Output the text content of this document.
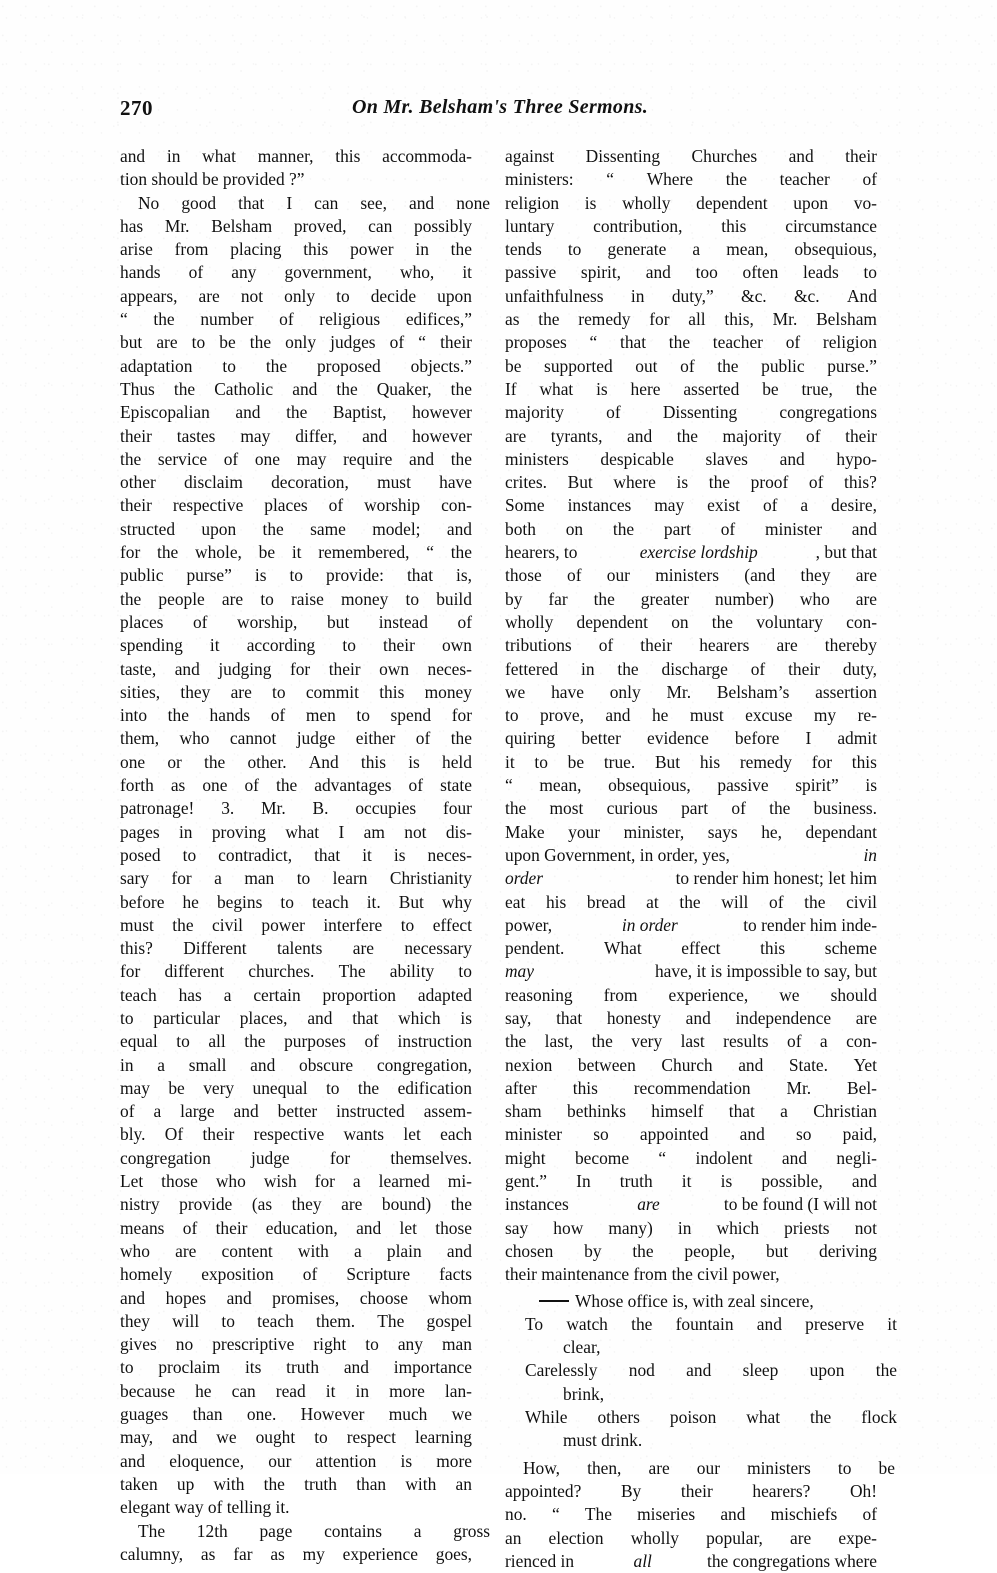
270	On Mr. Belsham's Three Sermons.
and in what manner, this accommoda-
tion should be provided ?”
No good that I can see, and none
has Mr. Belsham proved, can possibly
arise from placing this power in the
hands of any government, who, it
appears, are not only to decide upon
“ the number of religious edifices,”
but are to be the only judges of “ their
adaptation to the proposed objects.”
Thus the Catholic and the Quaker, the
Episcopalian and the Baptist, however
their tastes may differ, and however
the service of one may require and the
other disclaim decoration, must have
their respective places of worship con-
structed upon the same model; and
for the whole, be it remembered, “ the
public purse” is to provide: that is,
the people are to raise money to build
places of worship, but instead of
spending it according to their own
taste, and judging for their own neces-
sities, they are to commit this money
into the hands of men to spend for
them, who cannot judge either of the
one or the other. And this is held
forth as one of the advantages of state
patronage! 3. Mr. B. occupies four
pages in proving what I am not dis-
posed to contradict, that it is neces-
sary for a man to learn Christianity
before he begins to teach it. But why
must the civil power interfere to effect
this? Different talents are necessary
for different churches. The ability to
teach has a certain proportion adapted
to particular places, and that which is
equal to all the purposes of instruction
in a small and obscure congregation,
may be very unequal to the edification
of a large and better instructed assem-
bly. Of their respective wants let each
congregation judge for themselves.
Let those who wish for a learned mi-
nistry provide (as they are bound) the
means of their education, and let those
who are content with a plain and
homely exposition of Scripture facts
and hopes and promises, choose whom
they will to teach them. The gospel
gives no prescriptive right to any man
to proclaim its truth and importance
because he can read it in more lan-
guages than one. However much we
may, and we ought to respect learning
and eloquence, our attention is more
taken up with the truth than with an
elegant way of telling it.
The 12th page contains a gross
calumny, as far as my experience goes,
against Dissenting Churches and their
ministers: “ Where the teacher of
religion is wholly dependent upon vo-
luntary contribution, this circumstance
tends to generate a mean, obsequious,
passive spirit, and too often leads to
unfaithfulness in duty,” &c. &c. And
as the remedy for all this, Mr. Belsham
proposes “ that the teacher of religion
be supported out of the public purse.”
If what is here asserted be true, the
majority of Dissenting congregations
are tyrants, and the majority of their
ministers despicable slaves and hypo-
crites. But where is the proof of this?
Some instances may exist of a desire,
both on the part of minister and
hearers, to	exercise lordship	, but that
those of our ministers (and they are
by far the greater number) who are
wholly dependent on the voluntary con-
tributions of their hearers are thereby
fettered in the discharge of their duty,
we have only Mr. Belsham’s assertion
to prove, and he must excuse my re-
quiring better evidence before I admit
it to be true. But his remedy for this
“ mean, obsequious, passive spirit” is
the most curious part of the business.
Make your minister, says he, dependant
upon Government, in order, yes,	in
order	to render him honest; let him
eat his bread at the will of the civil
power,	in order	to render him inde-
pendent. What effect this scheme
may	have, it is impossible to say, but
reasoning from experience, we should
say, that honesty and independence are
the last, the very last results of a con-
nexion between Church and State. Yet
after this recommendation Mr. Bel-
sham bethinks himself that a Christian
minister so appointed and so paid,
might become “ indolent and negli-
gent.” In truth it is possible, and
instances	are	to be found (I will not
say how many) in which priests not
chosen by the people, but deriving
their maintenance from the civil power,
Whose office is, with zeal sincere,
To watch the fountain and preserve it
clear,
Carelessly nod and sleep upon the
brink,
While others poison what the flock
must drink.
How, then, are our ministers to be
appointed? By their hearers? Oh!
no. “ The miseries and mischiefs of
an election wholly popular, are expe-
rienced in	all	the congregations where
